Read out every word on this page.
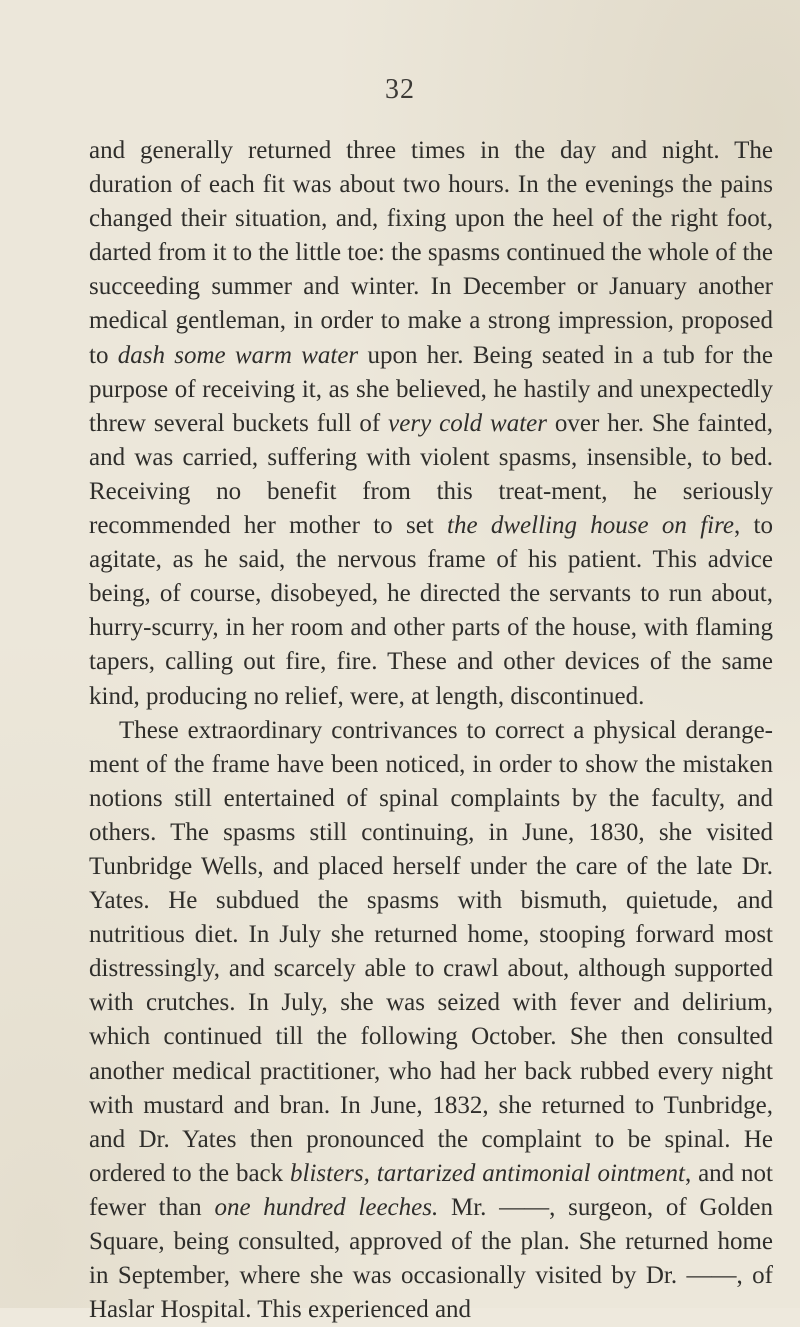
32

and generally returned three times in the day and night. The duration of each fit was about two hours. In the evenings the pains changed their situation, and, fixing upon the heel of the right foot, darted from it to the little toe: the spasms continued the whole of the succeeding summer and winter. In December or January another medical gentleman, in order to make a strong impression, proposed to dash some warm water upon her. Being seated in a tub for the purpose of receiving it, as she believed, he hastily and unexpectedly threw several buckets full of very cold water over her. She fainted, and was carried, suffering with violent spasms, insensible, to bed. Receiving no benefit from this treat-ment, he seriously recommended her mother to set the dwelling house on fire, to agitate, as he said, the nervous frame of his patient. This advice being, of course, disobeyed, he directed the servants to run about, hurry-scurry, in her room and other parts of the house, with flaming tapers, calling out fire, fire. These and other devices of the same kind, producing no relief, were, at length, discontinued.

These extraordinary contrivances to correct a physical derange-ment of the frame have been noticed, in order to show the mistaken notions still entertained of spinal complaints by the faculty, and others. The spasms still continuing, in June, 1830, she visited Tunbridge Wells, and placed herself under the care of the late Dr. Yates. He subdued the spasms with bismuth, quietude, and nutritious diet. In July she returned home, stooping forward most distressingly, and scarcely able to crawl about, although supported with crutches. In July, she was seized with fever and delirium, which continued till the following October. She then consulted another medical practitioner, who had her back rubbed every night with mustard and bran. In June, 1832, she returned to Tunbridge, and Dr. Yates then pronounced the complaint to be spinal. He ordered to the back blisters, tartarized antimonial ointment, and not fewer than one hundred leeches. Mr. ——, surgeon, of Golden Square, being consulted, approved of the plan. She returned home in September, where she was occasionally visited by Dr. ——, of Haslar Hospital. This experienced and
